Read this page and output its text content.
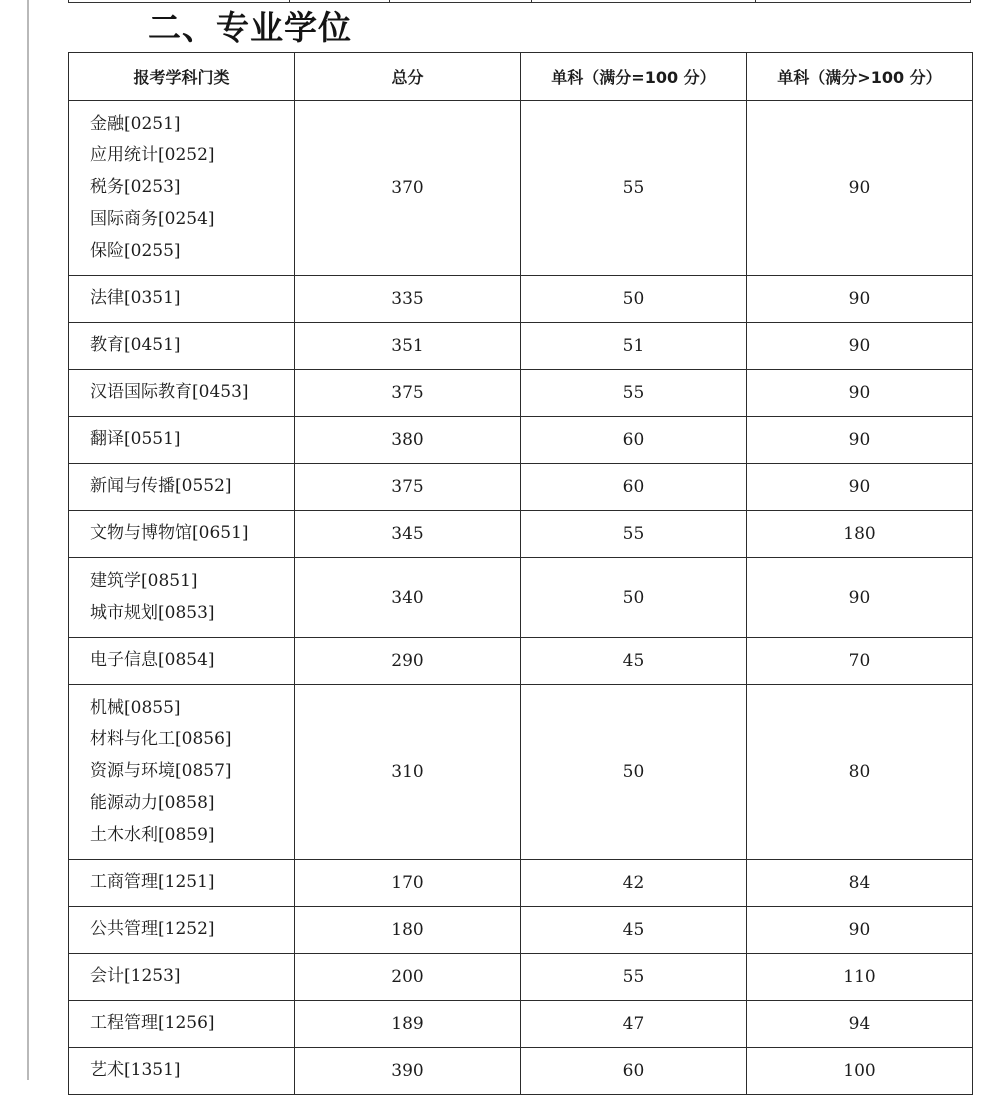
二、专业学位
报考学科门类	总分	单科（满分=100 分）	单科（满分>100 分）

金融[0251]
应用统计[0252]
税务[0253]
国际商务[0254]
保险[0255]	370	55	90

法律[0351]	335	50	90

教育[0451]	351	51	90

汉语国际教育[0453]	375	55	90

翻译[0551]	380	60	90

新闻与传播[0552]	375	60	90

文物与博物馆[0651]	345	55	180

建筑学[0851]
城市规划[0853]	340	50	90

电子信息[0854]	290	45	70

机械[0855]
材料与化工[0856]
资源与环境[0857]
能源动力[0858]
土木水利[0859]	310	50	80

工商管理[1251]	170	42	84

公共管理[1252]	180	45	90

会计[1253]	200	55	110

工程管理[1256]	189	47	94

艺术[1351]	390	60	100
